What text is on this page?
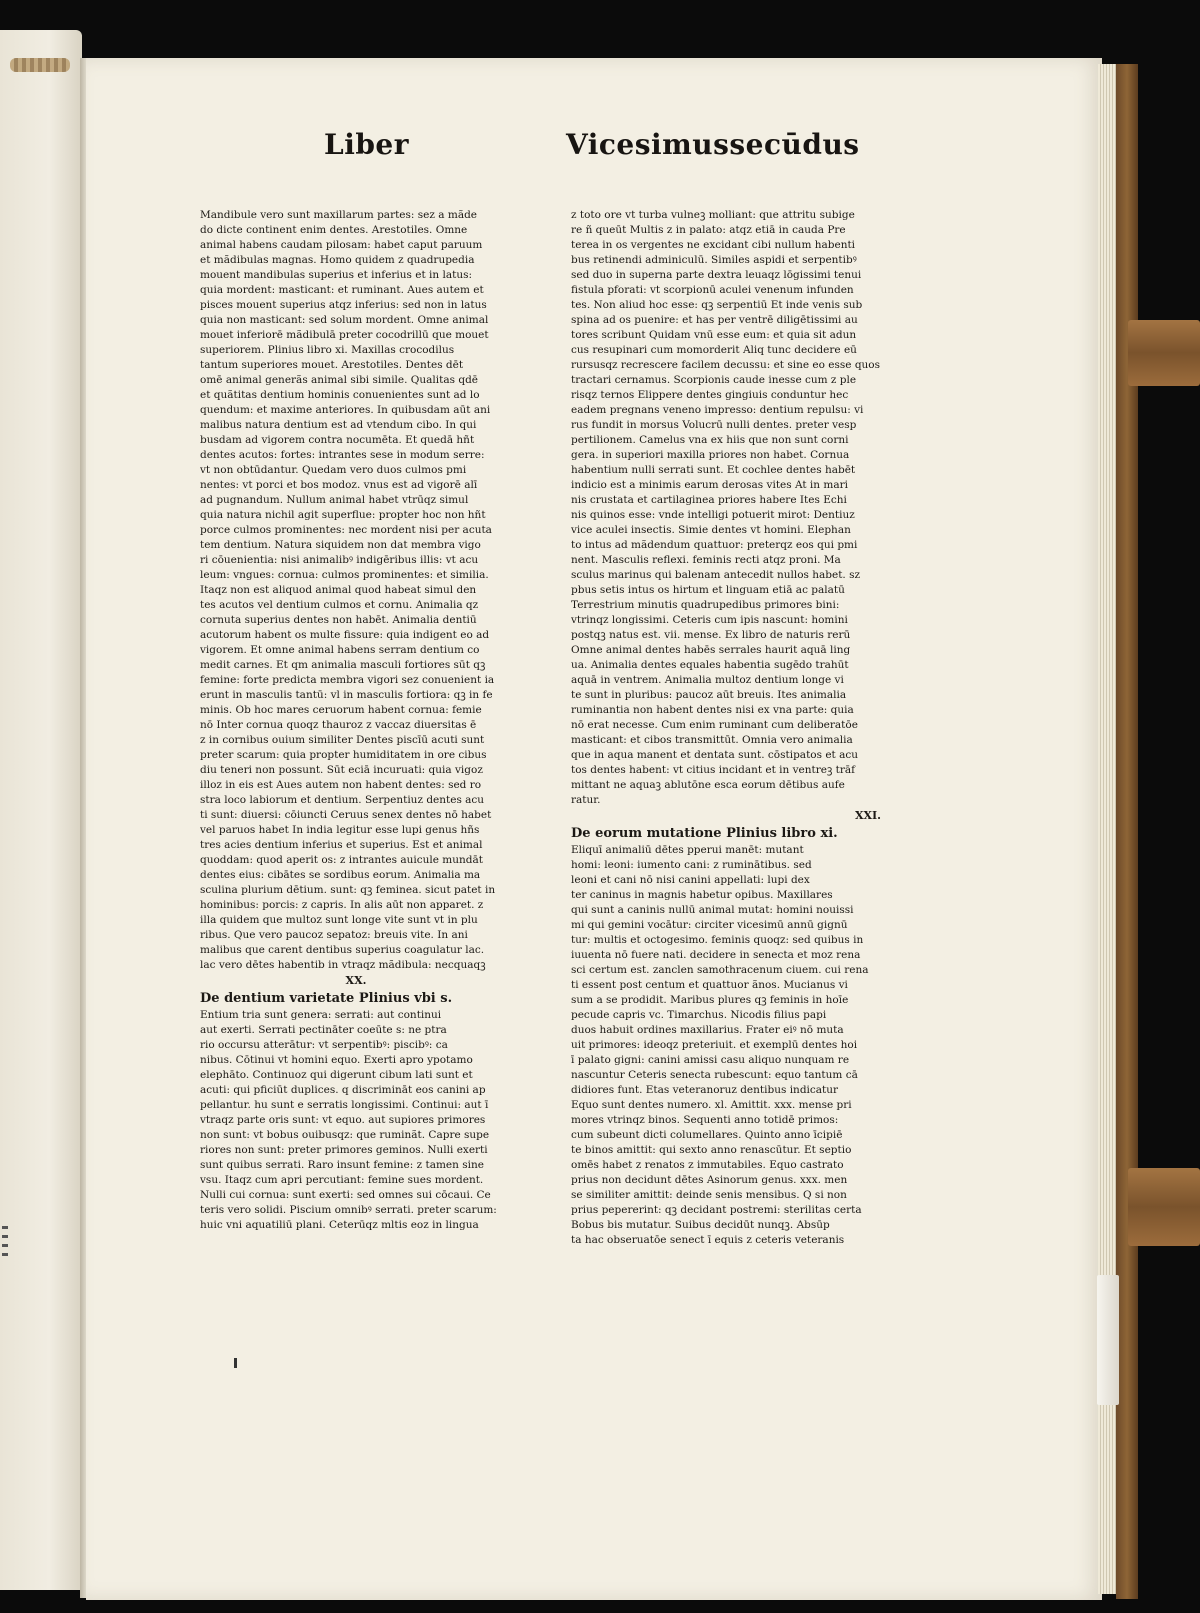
Liber	Vicesimussecūdus
Mandibule vero sunt maxillarum partes: sez a mãde
do dicte continent enim dentes. Arestotiles. Omne
animal habens caudam pilosam: habet caput paruum
et mãdibulas magnas. Homo quidem z quadrupedia
mouent mandibulas superius et inferius et in latus:
quia mordent: masticant: et ruminant. Aues autem et
pisces mouent superius atqz inferius: sed non in latus
quia non masticant: sed solum mordent. Omne animal
mouet inferiorē mãdibulā preter cocodrillū que mouet
superiorem. Plinius libro xi. Maxillas crocodilus
tantum superiores mouet. Arestotiles. Dentes dēt
omē animal generãs animal sibi simile. Qualitas qdē
et quãtitas dentium hominis conuenientes sunt ad lo
quendum: et maxime anteriores. In quibusdam aūt ani
malibus natura dentium est ad vtendum cibo. In qui
busdam ad vigorem contra nocumēta. Et quedā hñt
dentes acutos: fortes: intrantes sese in modum serre:
vt non obtūdantur. Quedam vero duos culmos pmi
nentes: vt porci et bos modoz. vnus est ad vigorē alī
ad pugnandum. Nullum animal habet vtrūqz simul
quia natura nichil agit superflue: propter hoc non hñt
porce culmos prominentes: nec mordent nisi per acuta
tem dentium. Natura siquidem non dat membra vigo
ri cōuenientia: nisi animalibꝰ indigēribus illis: vt acu
leum: vngues: cornua: culmos prominentes: et similia.
Itaqz non est aliquod animal quod habeat simul den
tes acutos vel dentium culmos et cornu. Animalia qz
cornuta superius dentes non habēt. Animalia dentiū
acutorum habent os multe fissure: quia indigent eo ad
vigorem. Et omne animal habens serram dentium co
medit carnes. Et qm animalia masculi fortiores sūt qꝫ
femine: forte predicta membra vigori sez conuenient ia
erunt in masculis tantū: vl in masculis fortiora: qꝫ in fe
minis. Ob hoc mares ceruorum habent cornua: femie
nō Inter cornua quoqz thauroz z vaccaz diuersitas ē
z in cornibus ouium similiter Dentes piscīū acuti sunt
preter scarum: quia propter humiditatem in ore cibus
diu teneri non possunt. Sūt eciā incuruati: quia vigoz
illoz in eis est Aues autem non habent dentes: sed ro
stra loco labiorum et dentium. Serpentiuz dentes acu
ti sunt: diuersi: cōiuncti Ceruus senex dentes nō habet
vel paruos habet In india legitur esse lupi genus hñs
tres acies dentium inferius et superius. Est et animal
quoddam: quod aperit os: z intrantes auicule mundāt
dentes eius: cibātes se sordibus eorum. Animalia ma
sculina plurium dētium. sunt: qꝫ feminea. sicut patet in
hominibus: porcis: z capris. In alis aūt non apparet. z
illa quidem que multoz sunt longe vite sunt vt in plu
ribus. Que vero paucoz sepatoz: breuis vite. In ani
malibus que carent dentibus superius coagulatur lac.
lac vero dētes habentib in vtraqz mãdibula: necquaqꝫ
XX.
De dentium varietate Plinius vbi s.
Entium tria sunt genera: serrati: aut continui
aut exerti. Serrati pectināter coeūte s: ne ptra
rio occursu atterātur: vt serpentibꝰ: piscibꝰ: ca
nibus. Cōtinui vt homini equo. Exerti apro ypotamo
elephāto. Continuoz qui digerunt cibum lati sunt et
acuti: qui pficiūt duplices. q discrimināt eos canini ap
pellantur. hu sunt e serratis longissimi. Continui: aut ī
vtraqz parte oris sunt: vt equo. aut supiores primores
non sunt: vt bobus ouibusqz: que ruminãt. Capre supe
riores non sunt: preter primores geminos. Nulli exerti
sunt quibus serrati. Raro insunt femine: z tamen sine
vsu. Itaqz cum apri percutiant: femine sues mordent.
Nulli cui cornua: sunt exerti: sed omnes sui cōcaui. Ce
teris vero solidi. Piscium omnibꝰ serrati. preter scarum:
huic vni aquatiliū plani. Ceterūqz mltis eoz in lingua
z toto ore vt turba vulneꝫ molliant: que attritu subige
re ñ queūt Multis z in palato: atqz etiā in cauda Pre
terea in os vergentes ne excidant cibi nullum habenti
bus retinendi adminiculū. Similes aspidi et serpentibꝰ
sed duo in superna parte dextra leuaqz lōgissimi tenui
fistula pforati: vt scorpionū aculei venenum infunden
tes. Non aliud hoc esse: qꝫ serpentiū Et inde venis sub
spina ad os puenire: et has per ventrē diligētissimi au
tores scribunt Quidam vnū esse eum: et quia sit adun
cus resupinari cum momorderit Aliq tunc decidere eū
rursusqz recrescere facilem decussu: et sine eo esse quos
tractari cernamus. Scorpionis caude inesse cum z ple
risqz ternos Elippere dentes gingiuis conduntur hec
eadem pregnans veneno impresso: dentium repulsu: vi
rus fundit in morsus Volucrū nulli dentes. preter vesp
pertilionem. Camelus vna ex hiis que non sunt corni
gera. in superiori maxilla priores non habet. Cornua
habentium nulli serrati sunt. Et cochlee dentes habēt
indicio est a minimis earum derosas vites At in mari
nis crustata et cartilaginea priores habere Ites Echi
nis quinos esse: vnde intelligi potuerit mirot: Dentiuz
vice aculei insectis. Simie dentes vt homini. Elephan
to intus ad mãdendum quattuor: preterqz eos qui pmi
nent. Masculis reflexi. feminis recti atqz proni. Ma
sculus marinus qui balenam antecedit nullos habet. sz
pbus setis intus os hirtum et linguam etiā ac palatū
Terrestrium minutis quadrupedibus primores bini:
vtrinqz longissimi. Ceteris cum ipis nascunt: homini
postqꝫ natus est. vii. mense. Ex libro de naturis rerū
Omne animal dentes habēs serrales haurit aquā ling
ua. Animalia dentes equales habentia sugēdo trahūt
aquā in ventrem. Animalia multoz dentium longe vi
te sunt in pluribus: paucoz aūt breuis. Ites animalia
ruminantia non habent dentes nisi ex vna parte: quia
nō erat necesse. Cum enim ruminant cum deliberatōe
masticant: et cibos transmittūt. Omnia vero animalia
que in aqua manent et dentata sunt. cōstipatos et acu
tos dentes habent: vt citius incidant et in ventreꝫ trāf
mittant ne aquaꝫ ablutōne esca eorum dētibus aufe
ratur.
XXI.
De eorum mutatione Plinius libro xi.
Eliquī animaliū dētes pperui manēt: mutant
homi: leoni: iumento cani: z ruminātibus. sed
leoni et cani nō nisi canini appellati: lupi dex
ter caninus in magnis habetur opibus. Maxillares
qui sunt a caninis nullū animal mutat: homini nouissi
mi qui gemini vocātur: circiter vicesimū annū gignū
tur: multis et octogesimo. feminis quoqz: sed quibus in
iuuenta nō fuere nati. decidere in senecta et moz rena
sci certum est. zanclen samothracenum ciuem. cui rena
ti essent post centum et quattuor ãnos. Mucianus vi
sum a se prodidit. Maribus plures qꝫ feminis in hoīe
pecude capris vc. Timarchus. Nicodis filius papi
duos habuit ordines maxillarius. Frater eiꝰ nō muta
uit primores: ideoqz preteriuit. et exemplū dentes hoi
ī palato gigni: canini amissi casu aliquo nunquam re
nascuntur Ceteris senecta rubescunt: equo tantum cā
didiores funt. Etas veteranoruz dentibus indicatur
Equo sunt dentes numero. xl. Amittit. xxx. mense pri
mores vtrinqz binos. Sequenti anno totidē primos:
cum subeunt dicti columellares. Quinto anno īcipiē
te binos amittit: qui sexto anno renascūtur. Et septio
omēs habet z renatos z immutabiles. Equo castrato
prius non decidunt dētes Asinorum genus. xxx. men
se similiter amittit: deinde senis mensibus. Q si non
prius pepererint: qꝫ decidant postremi: sterilitas certa
Bobus bis mutatur. Suibus decidūt nunqꝫ. Absūp
ta hac obseruatōe senect ī equis z ceteris veteranis
